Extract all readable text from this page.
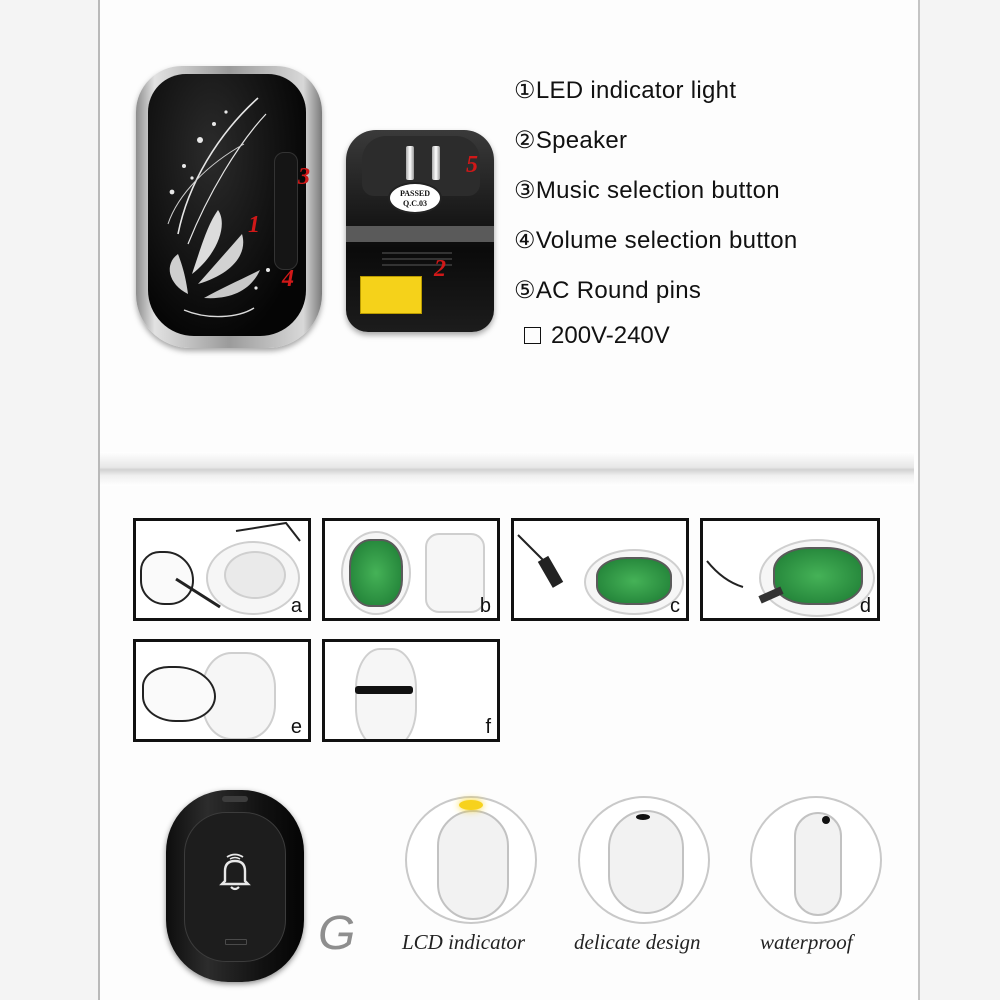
3
1
4
PASSED
Q.C.03
5
2
①LED indicator light
②Speaker
③Music selection button
④Volume selection button
⑤AC Round pins
200V-240V
a	b	c	d
e	f
G LCD indicator delicate design	waterproof
